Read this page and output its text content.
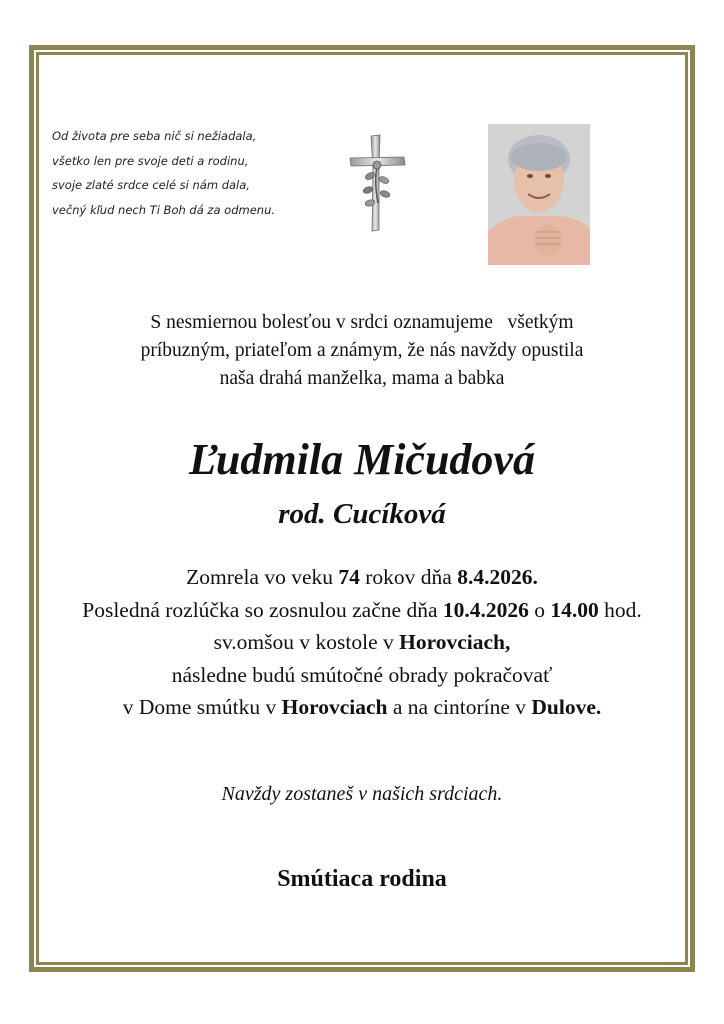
Od života pre seba nič si nežiadala,
všetko len pre svoje deti a rodinu,
svoje zlaté srdce celé si nám dala,
večný kľud nech Ti Boh dá za odmenu.
S nesmiernou bolesťou v srdci oznamujeme   všetkým
príbuzným, priateľom a známym, že nás navždy opustila
naša drahá manželka, mama a babka
Ľudmila Mičudová
rod. Cucíková
Zomrela vo veku 74 rokov dňa 8.4.2026.
Posledná rozlúčka so zosnulou začne dňa 10.4.2026 o 14.00 hod.
sv.omšou v kostole v Horovciach,
následne budú smútočné obrady pokračovať
v Dome smútku v Horovciach a na cintoríne v Dulove.
Navždy zostaneš v našich srdciach.
Smútiaca rodina
